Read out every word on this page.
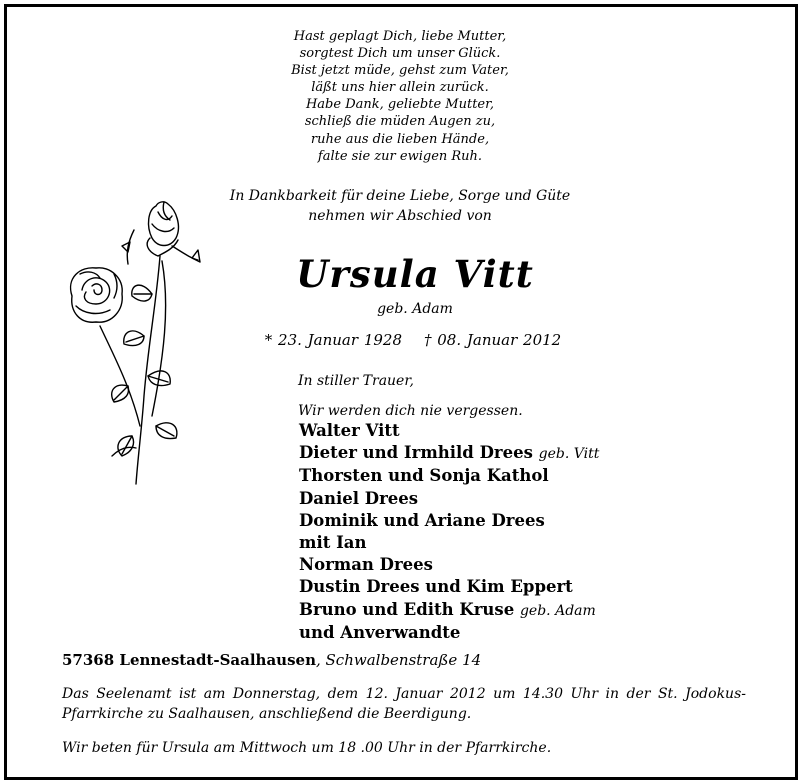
Hast geplagt Dich, liebe Mutter,
sorgtest Dich um unser Glück.
Bist jetzt müde, gehst zum Vater,
läßt uns hier allein zurück.
Habe Dank, geliebte Mutter,
schließ die müden Augen zu,
ruhe aus die lieben Hände,
falte sie zur ewigen Ruh.
In Dankbarkeit für deine Liebe, Sorge und Güte
nehmen wir Abschied von
Ursula Vitt
geb. Adam
* 23. Januar 1928 † 08. Januar 2012
In stiller Trauer,
Wir werden dich nie vergessen.
Walter Vitt
Dieter und Irmhild Drees geb. Vitt
Thorsten und Sonja Kathol
Daniel Drees
Dominik und Ariane Drees
mit Ian
Norman Drees
Dustin Drees und Kim Eppert
Bruno und Edith Kruse geb. Adam
und Anverwandte
57368 Lennestadt-Saalhausen, Schwalbenstraße 14
Das Seelenamt ist am Donnerstag, dem 12. Januar 2012 um 14.30 Uhr in der St. Jodokus-Pfarrkirche zu Saalhausen, anschließend die Beerdigung.
Wir beten für Ursula am Mittwoch um 18 .00 Uhr in der Pfarrkirche.
